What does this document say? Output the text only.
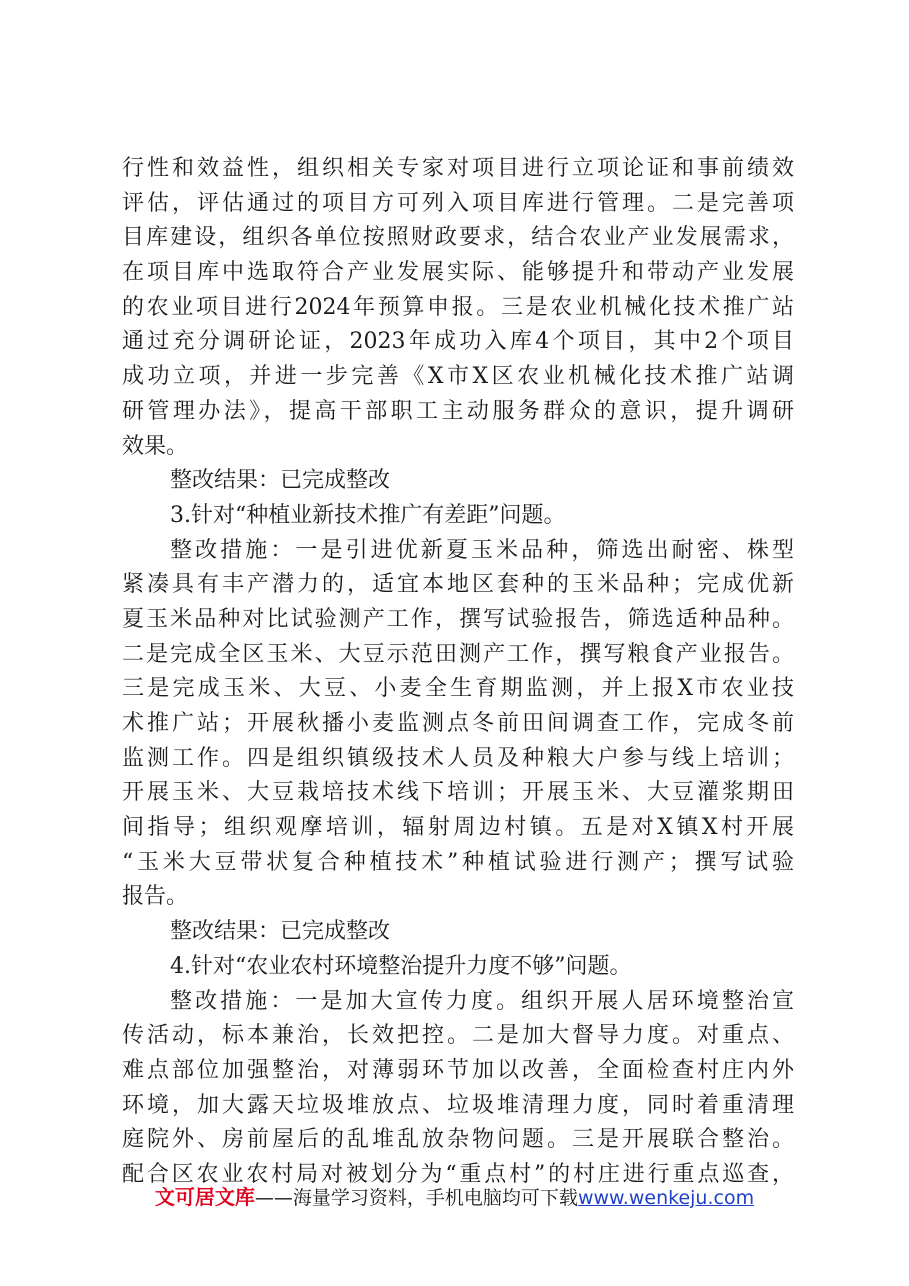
行性和效益性，组织相关专家对项目进行立项论证和事前绩效
评估，评估通过的项目方可列入项目库进行管理。二是完善项
目库建设，组织各单位按照财政要求，结合农业产业发展需求，
在项目库中选取符合产业发展实际、能够提升和带动产业发展
的农业项目进行2024年预算申报。三是农业机械化技术推广站
通过充分调研论证，2023年成功入库4个项目，其中2个项目
成功立项，并进一步完善《X市X区农业机械化技术推广站调
研管理办法》，提高干部职工主动服务群众的意识，提升调研
效果。
整改结果：已完成整改
3.针对“种植业新技术推广有差距”问题。
整改措施：一是引进优新夏玉米品种，筛选出耐密、株型
紧凑具有丰产潜力的，适宜本地区套种的玉米品种；完成优新
夏玉米品种对比试验测产工作，撰写试验报告，筛选适种品种。
二是完成全区玉米、大豆示范田测产工作，撰写粮食产业报告。
三是完成玉米、大豆、小麦全生育期监测，并上报X市农业技
术推广站；开展秋播小麦监测点冬前田间调查工作，完成冬前
监测工作。四是组织镇级技术人员及种粮大户参与线上培训；
开展玉米、大豆栽培技术线下培训；开展玉米、大豆灌浆期田
间指导；组织观摩培训，辐射周边村镇。五是对X镇X村开展
“玉米大豆带状复合种植技术”种植试验进行测产；撰写试验
报告。
整改结果：已完成整改
4.针对“农业农村环境整治提升力度不够”问题。
整改措施：一是加大宣传力度。组织开展人居环境整治宣
传活动，标本兼治，长效把控。二是加大督导力度。对重点、
难点部位加强整治，对薄弱环节加以改善，全面检查村庄内外
环境，加大露天垃圾堆放点、垃圾堆清理力度，同时着重清理
庭院外、房前屋后的乱堆乱放杂物问题。三是开展联合整治。
配合区农业农村局对被划分为“重点村”的村庄进行重点巡查，
文可居文库——海量学习资料，手机电脑均可下载www.wenkeju.com
